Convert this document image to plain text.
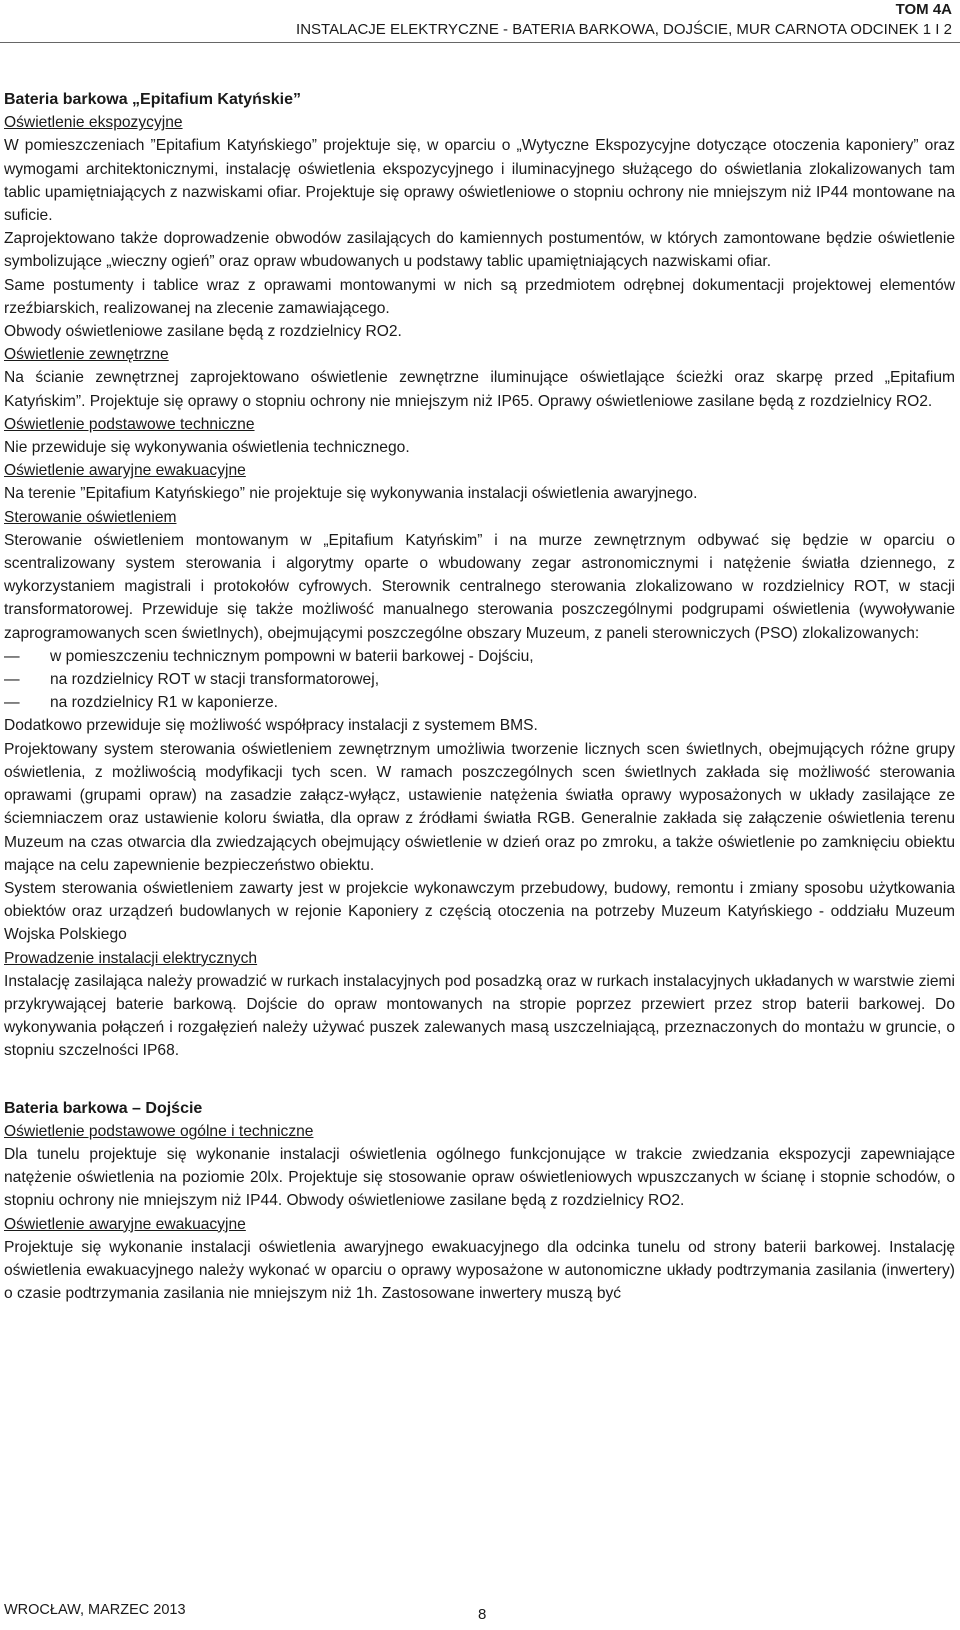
TOM 4A
INSTALACJE ELEKTRYCZNE - BATERIA BARKOWA, DOJŚCIE, MUR CARNOTA ODCINEK 1 I 2

Bateria barkowa „Epitafium Katyńskie”

Oświetlenie ekspozycyjne

W pomieszczeniach ”Epitafium Katyńskiego” projektuje się, w oparciu o „Wytyczne Ekspozycyjne dotyczące otoczenia kaponiery” oraz wymogami architektonicznymi, instalację oświetlenia ekspozycyjnego i iluminacyjnego służącego do oświetlania zlokalizowanych tam tablic upamiętniających z nazwiskami ofiar. Projektuje się oprawy oświetleniowe o stopniu ochrony nie mniejszym niż IP44 montowane na suficie.

Zaprojektowano także doprowadzenie obwodów zasilających do kamiennych postumentów, w których zamontowane będzie oświetlenie symbolizujące „wieczny ogień” oraz opraw wbudowanych u podstawy tablic upamiętniających nazwiskami ofiar.

Same postumenty i tablice wraz z oprawami montowanymi w nich są przedmiotem odrębnej dokumentacji projektowej elementów rzeźbiarskich, realizowanej na zlecenie zamawiającego.

Obwody oświetleniowe zasilane będą z rozdzielnicy RO2.

Oświetlenie zewnętrzne

Na ścianie zewnętrznej zaprojektowano oświetlenie zewnętrzne iluminujące oświetlające ścieżki oraz skarpę przed „Epitafium Katyńskim”. Projektuje się oprawy o stopniu ochrony nie mniejszym niż IP65. Oprawy oświetleniowe zasilane będą z rozdzielnicy RO2.

Oświetlenie podstawowe techniczne

Nie przewiduje się wykonywania oświetlenia technicznego.

Oświetlenie awaryjne ewakuacyjne

Na terenie ”Epitafium Katyńskiego” nie projektuje się wykonywania instalacji oświetlenia awaryjnego.

Sterowanie oświetleniem

Sterowanie oświetleniem montowanym w „Epitafium Katyńskim” i na murze zewnętrznym odbywać się będzie w oparciu o scentralizowany system sterowania i algorytmy oparte o wbudowany zegar astronomicznymi i natężenie światła dziennego, z wykorzystaniem magistrali i protokołów cyfrowych. Sterownik centralnego sterowania zlokalizowano w rozdzielnicy ROT, w stacji transformatorowej. Przewiduje się także możliwość manualnego sterowania poszczególnymi podgrupami oświetlenia (wywoływanie zaprogramowanych scen świetlnych), obejmującymi poszczególne obszary Muzeum, z paneli sterowniczych (PSO) zlokalizowanych:

—
w pomieszczeniu technicznym pompowni w baterii barkowej - Dojściu,
—
na rozdzielnicy ROT w stacji transformatorowej,
—
na rozdzielnicy R1 w kaponierze.

Dodatkowo przewiduje się możliwość współpracy instalacji z systemem BMS.

Projektowany system sterowania oświetleniem zewnętrznym umożliwia tworzenie licznych scen świetlnych, obejmujących różne grupy oświetlenia, z możliwością modyfikacji tych scen. W ramach poszczególnych scen świetlnych zakłada się możliwość sterowania oprawami (grupami opraw) na zasadzie załącz-wyłącz, ustawienie natężenia światła oprawy wyposażonych w układy zasilające ze ściemniaczem oraz ustawienie koloru światła, dla opraw z źródłami światła RGB. Generalnie zakłada się załączenie oświetlenia terenu Muzeum na czas otwarcia dla zwiedzających obejmujący oświetlenie w dzień oraz po zmroku, a także oświetlenie po zamknięciu obiektu mające na celu zapewnienie bezpieczeństwo obiektu.

System sterowania oświetleniem zawarty jest w projekcie wykonawczym przebudowy, budowy, remontu i zmiany sposobu użytkowania obiektów oraz urządzeń budowlanych w rejonie Kaponiery z częścią otoczenia na potrzeby Muzeum Katyńskiego - oddziału Muzeum Wojska Polskiego

Prowadzenie instalacji elektrycznych

Instalację zasilająca należy prowadzić w rurkach instalacyjnych pod posadzką oraz w rurkach instalacyjnych układanych w warstwie ziemi przykrywającej baterie barkową. Dojście do opraw montowanych na stropie poprzez przewiert przez strop baterii barkowej. Do wykonywania połączeń i rozgałęzień należy używać puszek zalewanych masą uszczelniającą, przeznaczonych do montażu w gruncie, o stopniu szczelności IP68.

Bateria barkowa – Dojście

Oświetlenie podstawowe ogólne i techniczne

Dla tunelu projektuje się wykonanie instalacji oświetlenia ogólnego funkcjonujące w trakcie zwiedzania ekspozycji zapewniające natężenie oświetlenia na poziomie 20lx. Projektuje się stosowanie opraw oświetleniowych wpuszczanych w ścianę i stopnie schodów, o stopniu ochrony nie mniejszym niż IP44. Obwody oświetleniowe zasilane będą z rozdzielnicy RO2.

Oświetlenie awaryjne ewakuacyjne

Projektuje się wykonanie instalacji oświetlenia awaryjnego ewakuacyjnego dla odcinka tunelu od strony baterii barkowej. Instalację oświetlenia ewakuacyjnego należy wykonać w oparciu o oprawy wyposażone w autonomiczne układy podtrzymania zasilania (inwertery) o czasie podtrzymania zasilania nie mniejszym niż 1h. Zastosowane inwertery muszą być

WROCŁAW, MARZEC 2013	8
